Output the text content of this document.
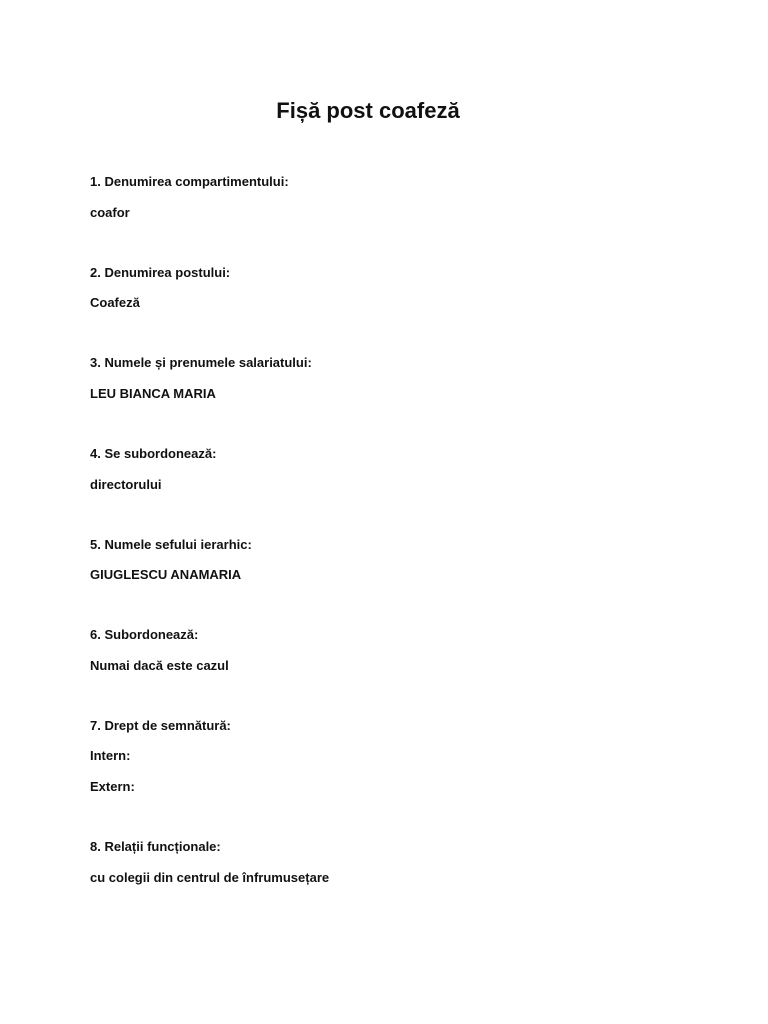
Fișă post coafeză
1. Denumirea compartimentului:
coafor
2. Denumirea postului:
Coafeză
3. Numele și prenumele salariatului:
LEU BIANCA MARIA
4. Se subordonează:
directorului
5. Numele sefului ierarhic:
GIUGLESCU ANAMARIA
6. Subordonează:
Numai dacă este cazul
7. Drept de semnătură:
Intern:
Extern:
8. Relații funcționale:
cu colegii din centrul de înfrumusețare
